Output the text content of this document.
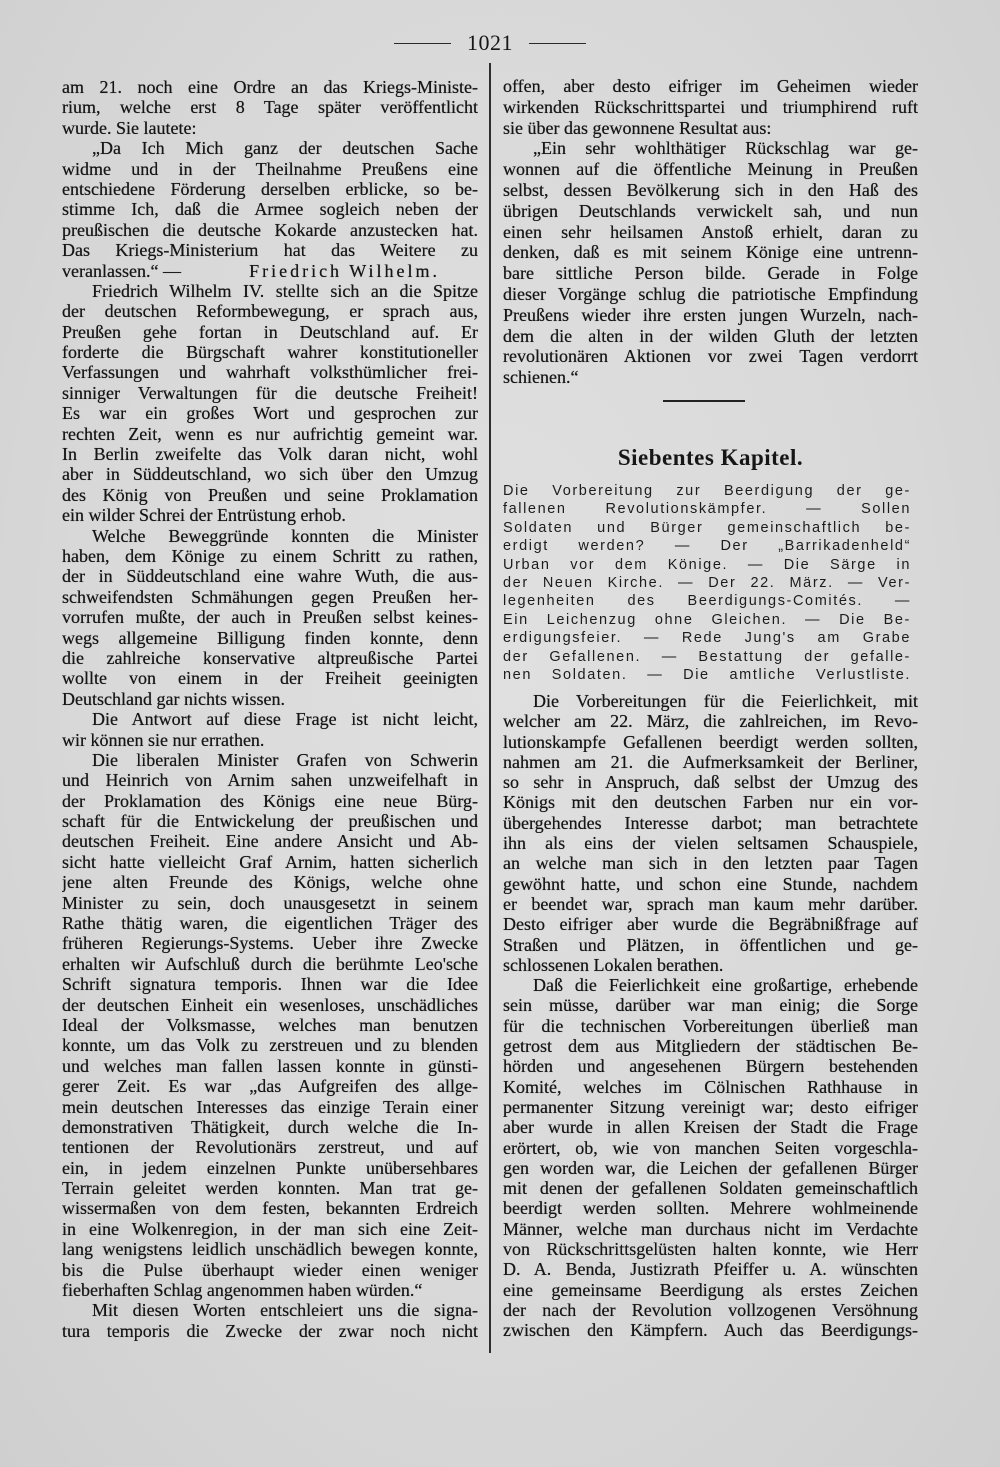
1021
am 21. noch eine Ordre an das Kriegs-Ministe-
rium, welche erst 8 Tage später veröffentlicht
wurde. Sie lautete:
„Da Ich Mich ganz der deutschen Sache
widme und in der Theilnahme Preußens eine
entschiedene Förderung derselben erblicke, so be-
stimme Ich, daß die Armee sogleich neben der
preußischen die deutsche Kokarde anzustecken hat.
Das Kriegs-Ministerium hat das Weitere zu
veranlassen.“ —	Friedrich Wilhelm.
Friedrich Wilhelm IV. stellte sich an die Spitze
der deutschen Reformbewegung, er sprach aus,
Preußen gehe fortan in Deutschland auf. Er
forderte die Bürgschaft wahrer konstitutioneller
Verfassungen und wahrhaft volksthümlicher frei-
sinniger Verwaltungen für die deutsche Freiheit!
Es war ein großes Wort und gesprochen zur
rechten Zeit, wenn es nur aufrichtig gemeint war.
In Berlin zweifelte das Volk daran nicht, wohl
aber in Süddeutschland, wo sich über den Umzug
des König von Preußen und seine Proklamation
ein wilder Schrei der Entrüstung erhob.
Welche Beweggründe konnten die Minister
haben, dem Könige zu einem Schritt zu rathen,
der in Süddeutschland eine wahre Wuth, die aus-
schweifendsten Schmähungen gegen Preußen her-
vorrufen mußte, der auch in Preußen selbst keines-
wegs allgemeine Billigung finden konnte, denn
die zahlreiche konservative altpreußische Partei
wollte von einem in der Freiheit geeinigten
Deutschland gar nichts wissen.
Die Antwort auf diese Frage ist nicht leicht,
wir können sie nur errathen.
Die liberalen Minister Grafen von Schwerin
und Heinrich von Arnim sahen unzweifelhaft in
der Proklamation des Königs eine neue Bürg-
schaft für die Entwickelung der preußischen und
deutschen Freiheit. Eine andere Ansicht und Ab-
sicht hatte vielleicht Graf Arnim, hatten sicherlich
jene alten Freunde des Königs, welche ohne
Minister zu sein, doch unausgesetzt in seinem
Rathe thätig waren, die eigentlichen Träger des
früheren Regierungs-Systems. Ueber ihre Zwecke
erhalten wir Aufschluß durch die berühmte Leo'sche
Schrift signatura temporis. Ihnen war die Idee
der deutschen Einheit ein wesenloses, unschädliches
Ideal der Volksmasse, welches man benutzen
konnte, um das Volk zu zerstreuen und zu blenden
und welches man fallen lassen konnte in günsti-
gerer Zeit. Es war „das Aufgreifen des allge-
mein deutschen Interesses das einzige Terain einer
demonstrativen Thätigkeit, durch welche die In-
tentionen der Revolutionärs zerstreut, und auf
ein, in jedem einzelnen Punkte unübersehbares
Terrain geleitet werden konnten. Man trat ge-
wissermaßen von dem festen, bekannten Erdreich
in eine Wolkenregion, in der man sich eine Zeit-
lang wenigstens leidlich unschädlich bewegen konnte,
bis die Pulse überhaupt wieder einen weniger
fieberhaften Schlag angenommen haben würden.“
Mit diesen Worten entschleiert uns die signa-
tura temporis die Zwecke der zwar noch nicht
offen, aber desto eifriger im Geheimen wieder
wirkenden Rückschrittspartei und triumphirend ruft
sie über das gewonnene Resultat aus:
„Ein sehr wohlthätiger Rückschlag war ge-
wonnen auf die öffentliche Meinung in Preußen
selbst, dessen Bevölkerung sich in den Haß des
übrigen Deutschlands verwickelt sah, und nun
einen sehr heilsamen Anstoß erhielt, daran zu
denken, daß es mit seinem Könige eine untrenn-
bare sittliche Person bilde. Gerade in Folge
dieser Vorgänge schlug die patriotische Empfindung
Preußens wieder ihre ersten jungen Wurzeln, nach-
dem die alten in der wilden Gluth der letzten
revolutionären Aktionen vor zwei Tagen verdorrt
schienen.“
Siebentes Kapitel.
Die Vorbereitung zur Beerdigung der ge-
fallenen Revolutionskämpfer. — Sollen
Soldaten und Bürger gemeinschaftlich be-
erdigt werden? — Der „Barrikadenheld“
Urban vor dem Könige. — Die Särge in
der Neuen Kirche. — Der 22. März. — Ver-
legenheiten des Beerdigungs-Comités. —
Ein Leichenzug ohne Gleichen. — Die Be-
erdigungsfeier. — Rede Jung's am Grabe
der Gefallenen. — Bestattung der gefalle-
nen Soldaten. — Die amtliche Verlustliste.
Die Vorbereitungen für die Feierlichkeit, mit
welcher am 22. März, die zahlreichen, im Revo-
lutionskampfe Gefallenen beerdigt werden sollten,
nahmen am 21. die Aufmerksamkeit der Berliner,
so sehr in Anspruch, daß selbst der Umzug des
Königs mit den deutschen Farben nur ein vor-
übergehendes Interesse darbot; man betrachtete
ihn als eins der vielen seltsamen Schauspiele,
an welche man sich in den letzten paar Tagen
gewöhnt hatte, und schon eine Stunde, nachdem
er beendet war, sprach man kaum mehr darüber.
Desto eifriger aber wurde die Begräbnißfrage auf
Straßen und Plätzen, in öffentlichen und ge-
schlossenen Lokalen berathen.
Daß die Feierlichkeit eine großartige, erhebende
sein müsse, darüber war man einig; die Sorge
für die technischen Vorbereitungen überließ man
getrost dem aus Mitgliedern der städtischen Be-
hörden und angesehenen Bürgern bestehenden
Komité, welches im Cölnischen Rathhause in
permanenter Sitzung vereinigt war; desto eifriger
aber wurde in allen Kreisen der Stadt die Frage
erörtert, ob, wie von manchen Seiten vorgeschla-
gen worden war, die Leichen der gefallenen Bürger
mit denen der gefallenen Soldaten gemeinschaftlich
beerdigt werden sollten. Mehrere wohlmeinende
Männer, welche man durchaus nicht im Verdachte
von Rückschrittsgelüsten halten konnte, wie Herr
D. A. Benda, Justizrath Pfeiffer u. A. wünschten
eine gemeinsame Beerdigung als erstes Zeichen
der nach der Revolution vollzogenen Versöhnung
zwischen den Kämpfern. Auch das Beerdigungs-
